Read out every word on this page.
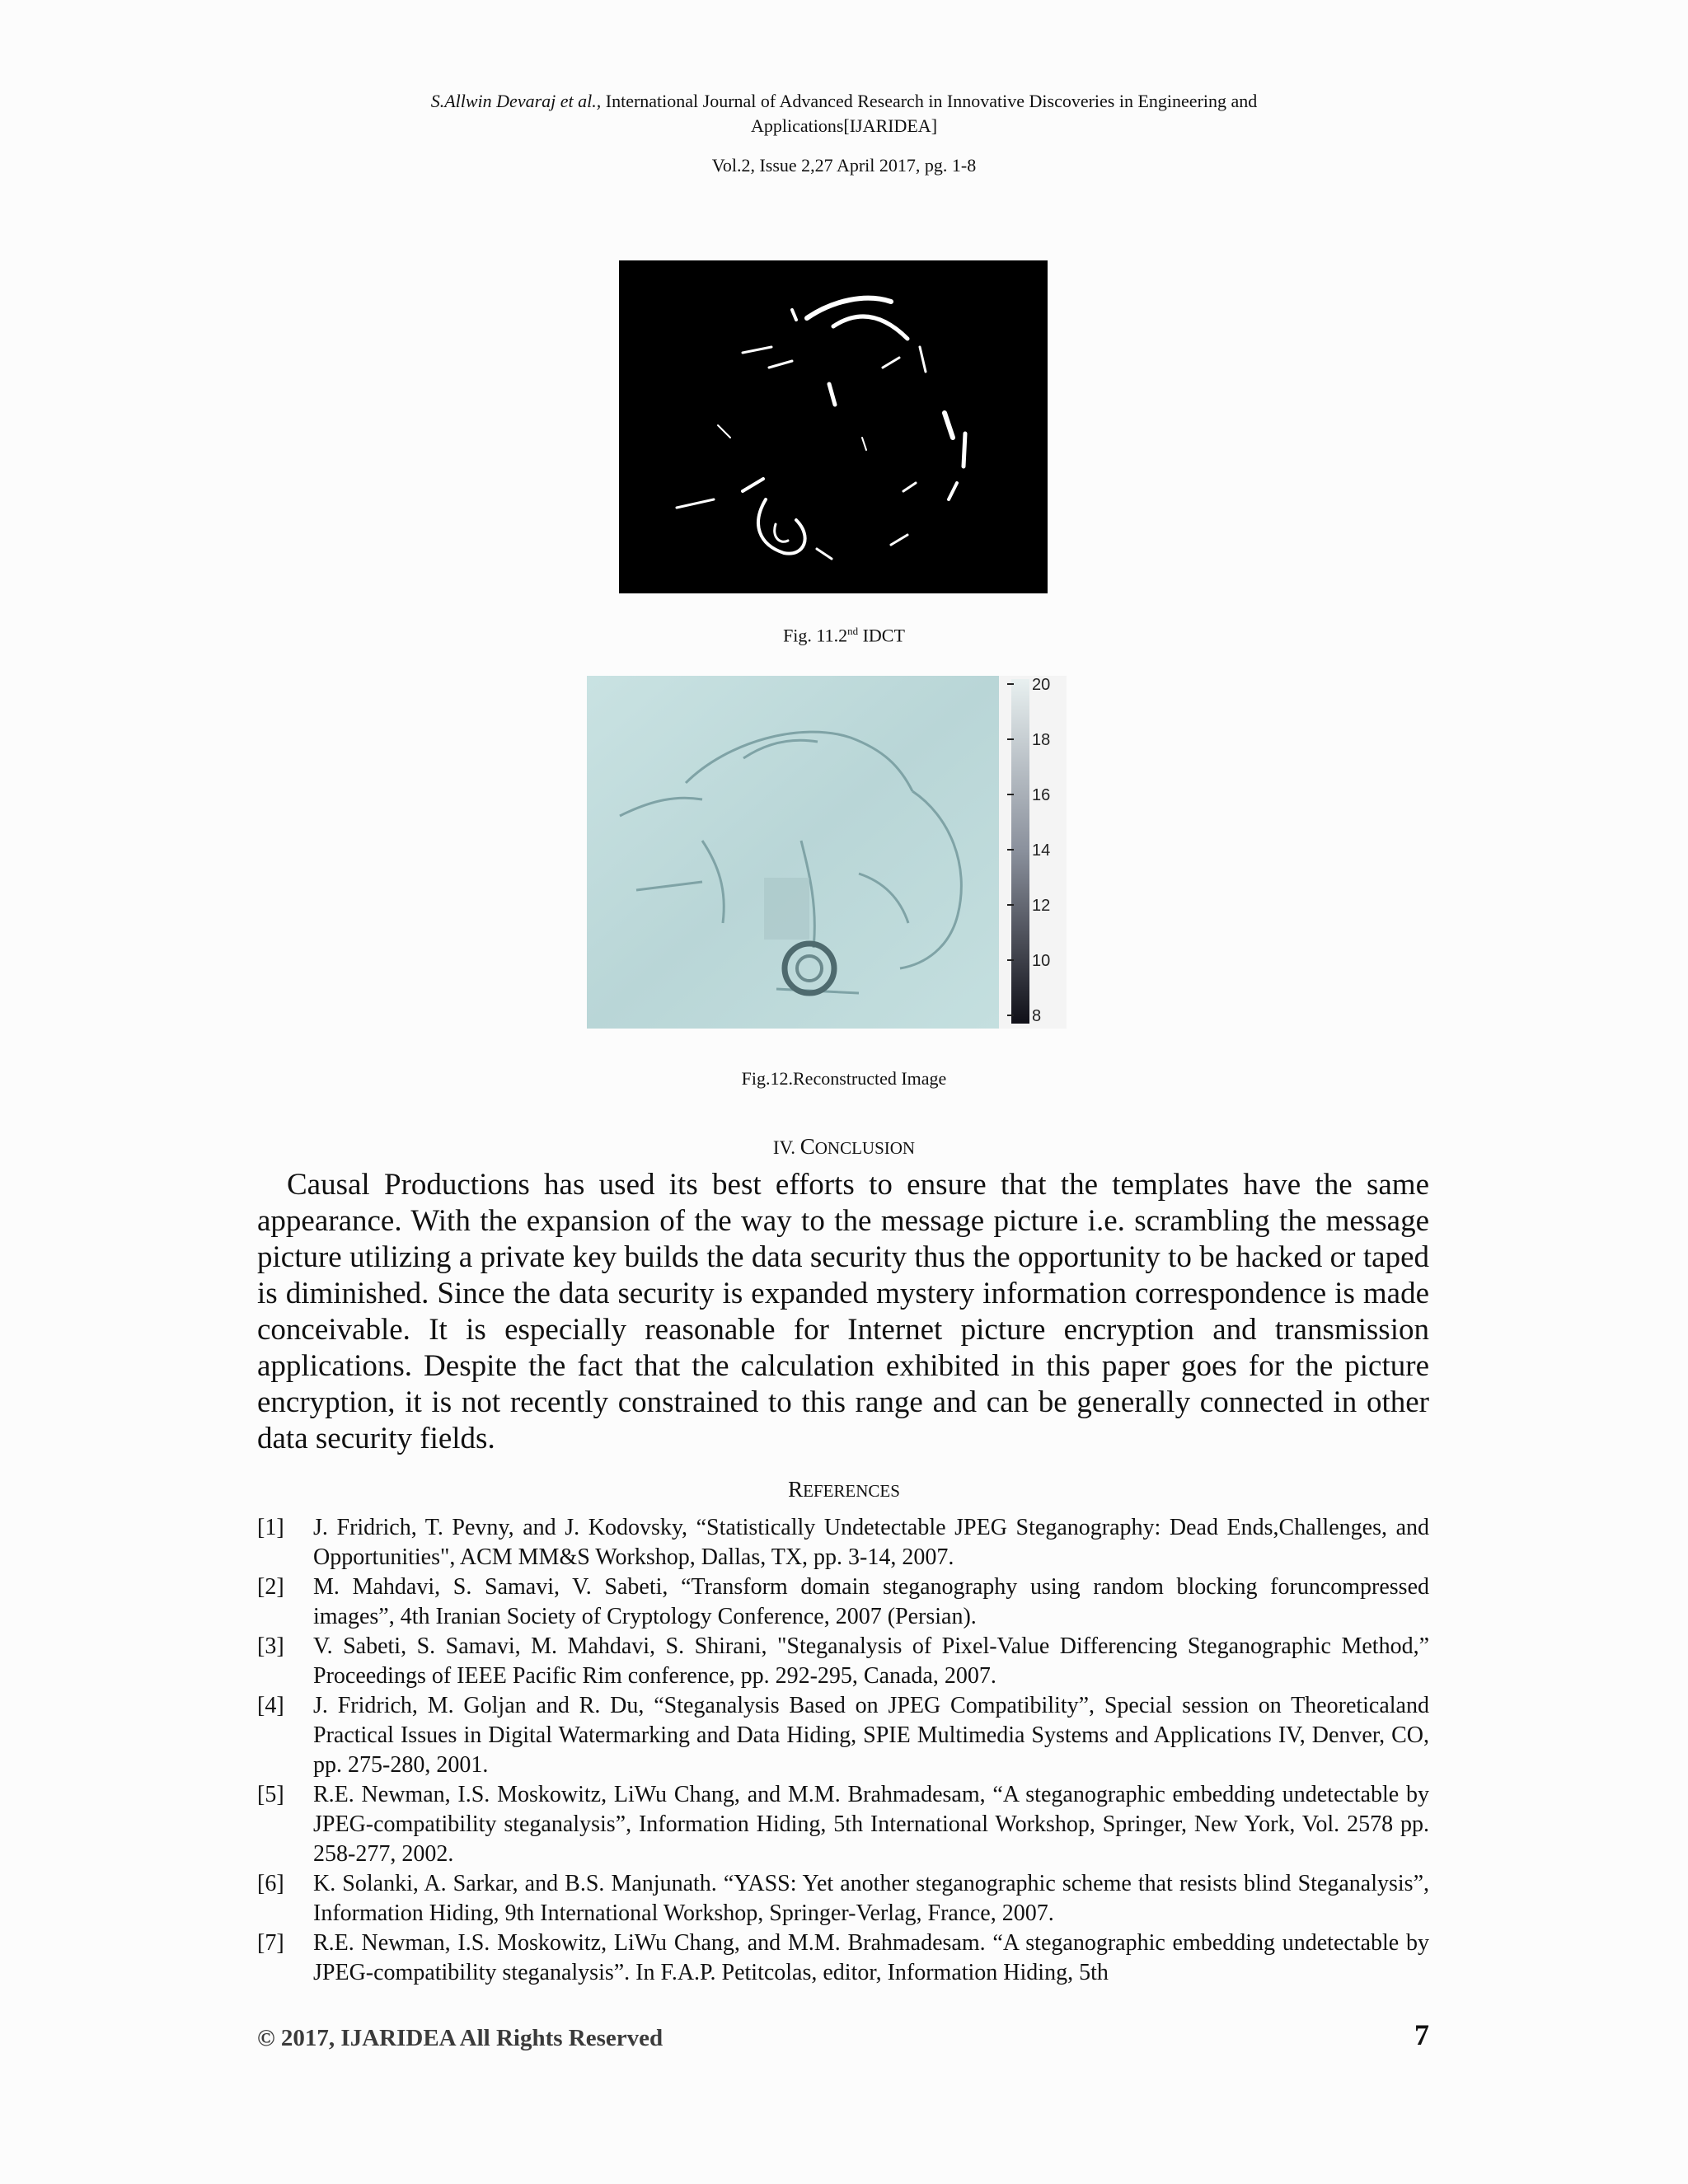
S.Allwin Devaraj et al., International Journal of Advanced Research in Innovative Discoveries in Engineering and
Applications[IJARIDEA]
Vol.2, Issue 2,27 April 2017, pg. 1-8
Fig. 11.2nd IDCT
20
18
16
14
12
10
8
Fig.12.Reconstructed Image
IV. CONCLUSION
Causal Productions has used its best efforts to ensure that the templates have the same appearance. With the expansion of the way to the message picture i.e. scrambling the message picture utilizing a private key builds the data security thus the opportunity to be hacked or taped is diminished. Since the data security is expanded mystery information correspondence is made conceivable. It is especially reasonable for Internet picture encryption and transmission applications. Despite the fact that the calculation exhibited in this paper goes for the picture encryption, it is not recently constrained to this range and can be generally connected in other data security fields.
REFERENCES
[1]	J. Fridrich, T. Pevny, and J. Kodovsky, “Statistically Undetectable JPEG Steganography: Dead Ends,Challenges, and Opportunities", ACM MM&S Workshop, Dallas, TX, pp. 3-14, 2007.
[2]	M. Mahdavi, S. Samavi, V. Sabeti, “Transform domain steganography using random blocking foruncompressed images”, 4th Iranian Society of Cryptology Conference, 2007 (Persian).
[3]	V. Sabeti, S. Samavi, M. Mahdavi, S. Shirani, "Steganalysis of Pixel-Value Differencing Steganographic Method,” Proceedings of IEEE Pacific Rim conference, pp. 292-295, Canada, 2007.
[4]	J. Fridrich, M. Goljan and R. Du, “Steganalysis Based on JPEG Compatibility”, Special session on Theoreticaland Practical Issues in Digital Watermarking and Data Hiding, SPIE Multimedia Systems and Applications IV, Denver, CO, pp. 275-280, 2001.
[5]	R.E. Newman, I.S. Moskowitz, LiWu Chang, and M.M. Brahmadesam, “A steganographic embedding undetectable by JPEG-compatibility steganalysis”, Information Hiding, 5th International Workshop, Springer, New York, Vol. 2578 pp. 258-277, 2002.
[6]	K. Solanki, A. Sarkar, and B.S. Manjunath. “YASS: Yet another steganographic scheme that resists blind Steganalysis”, Information Hiding, 9th International Workshop, Springer-Verlag, France, 2007.
[7]	R.E. Newman, I.S. Moskowitz, LiWu Chang, and M.M. Brahmadesam. “A steganographic embedding undetectable by JPEG-compatibility steganalysis”. In F.A.P. Petitcolas, editor, Information Hiding, 5th
© 2017, IJARIDEA All Rights Reserved	7
